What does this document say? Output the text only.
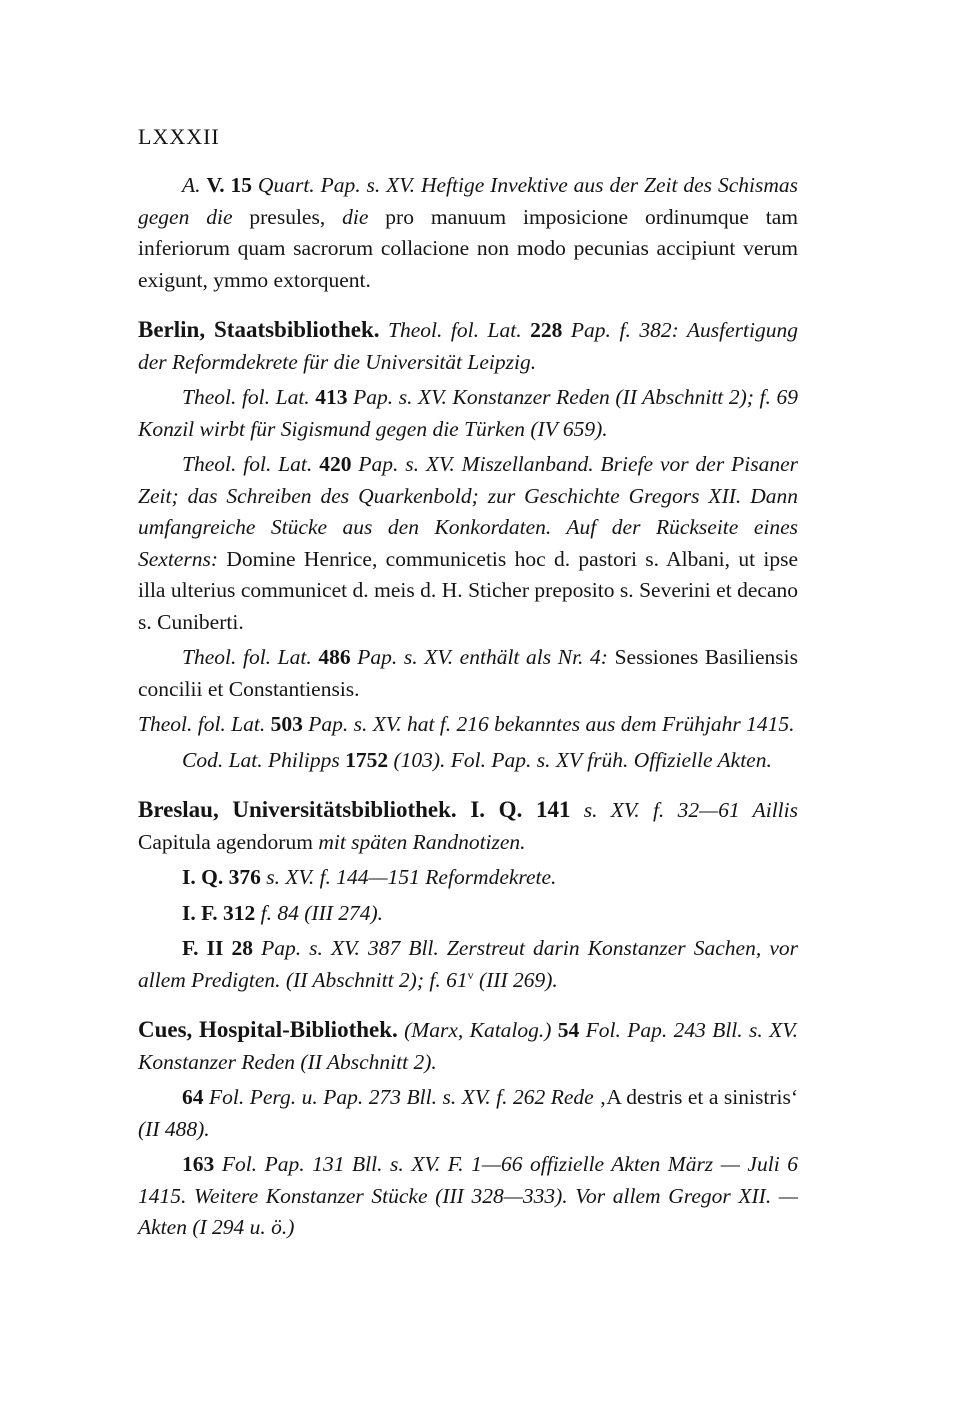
LXXXII

A. V. 15 Quart. Pap. s. XV. Heftige Invektive aus der Zeit des Schismas gegen die presules, die pro manuum imposicione ordinumque tam inferiorum quam sacrorum collacione non modo pecunias accipiunt verum exigunt, ymmo extorquent.

Berlin, Staatsbibliothek. Theol. fol. Lat. 228 Pap. f. 382: Ausfertigung der Reformdekrete für die Universität Leipzig.

Theol. fol. Lat. 413 Pap. s. XV. Konstanzer Reden (II Abschnitt 2); f. 69 Konzil wirbt für Sigismund gegen die Türken (IV 659).

Theol. fol. Lat. 420 Pap. s. XV. Miszellanband. Briefe vor der Pisaner Zeit; das Schreiben des Quarkenbold; zur Geschichte Gregors XII. Dann umfangreiche Stücke aus den Konkordaten. Auf der Rückseite eines Sexterns: Domine Henrice, communicetis hoc d. pastori s. Albani, ut ipse illa ulterius communicet d. meis d. H. Sticher preposito s. Severini et decano s. Cuniberti.

Theol. fol. Lat. 486 Pap. s. XV. enthält als Nr. 4: Sessiones Basiliensis concilii et Constantiensis.

Theol. fol. Lat. 503 Pap. s. XV. hat f. 216 bekanntes aus dem Frühjahr 1415.

Cod. Lat. Philipps 1752 (103). Fol. Pap. s. XV früh. Offizielle Akten.

Breslau, Universitätsbibliothek. I. Q. 141 s. XV. f. 32—61 Aillis Capitula agendorum mit späten Randnotizen.

I. Q. 376 s. XV. f. 144—151 Reformdekrete.

I. F. 312 f. 84 (III 274).

F. II 28 Pap. s. XV. 387 Bll. Zerstreut darin Konstanzer Sachen, vor allem Predigten. (II Abschnitt 2); f. 61$^v$ (III 269).

Cues, Hospital-Bibliothek. (Marx, Katalog.) 54 Fol. Pap. 243 Bll. s. XV. Konstanzer Reden (II Abschnitt 2).

64 Fol. Perg. u. Pap. 273 Bll. s. XV. f. 262 Rede ‚A destris et a sinistris‘ (II 488).

163 Fol. Pap. 131 Bll. s. XV. F. 1—66 offizielle Akten März — Juli 6 1415. Weitere Konstanzer Stücke (III 328—333). Vor allem Gregor XII. — Akten (I 294 u. ö.)
